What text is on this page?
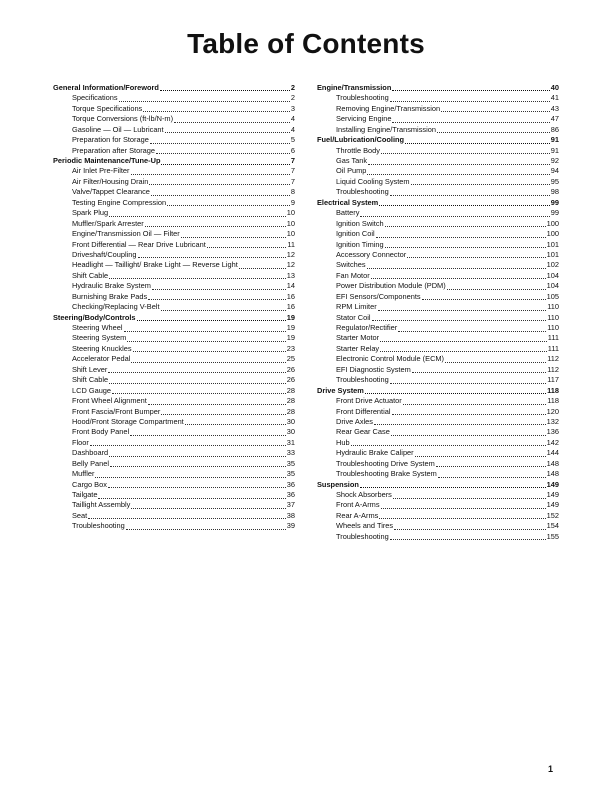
Table of Contents
General Information/Foreword	2
Specifications	2
Torque Specifications	3
Torque Conversions (ft-lb/N-m)	4
Gasoline — Oil — Lubricant	4
Preparation for Storage	5
Preparation after Storage	6
Periodic Maintenance/Tune-Up	7
Air Inlet Pre-Filter	7
Air Filter/Housing Drain	7
Valve/Tappet Clearance	8
Testing Engine Compression	9
Spark Plug	10
Muffler/Spark Arrester	10
Engine/Transmission Oil — Filter	10
Front Differential — Rear Drive Lubricant	11
Driveshaft/Coupling	12
Headlight — Taillight/ Brake Light — Reverse Light	12
Shift Cable	13
Hydraulic Brake System	14
Burnishing Brake Pads	16
Checking/Replacing V-Belt	16
Steering/Body/Controls	19
Steering Wheel	19
Steering System	19
Steering Knuckles	23
Accelerator Pedal	25
Shift Lever	26
Shift Cable	26
LCD Gauge	28
Front Wheel Alignment	28
Front Fascia/Front Bumper	28
Hood/Front Storage Compartment	30
Front Body Panel	30
Floor	31
Dashboard	33
Belly Panel	35
Muffler	35
Cargo Box	36
Tailgate	36
Taillight Assembly	37
Seat	38
Troubleshooting	39
Engine/Transmission	40
Troubleshooting	41
Removing Engine/Transmission	43
Servicing Engine	47
Installing Engine/Transmission	86
Fuel/Lubrication/Cooling	91
Throttle Body	91
Gas Tank	92
Oil Pump	94
Liquid Cooling System	95
Troubleshooting	98
Electrical System	99
Battery	99
Ignition Switch	100
Ignition Coil	100
Ignition Timing	101
Accessory Connector	101
Switches	102
Fan Motor	104
Power Distribution Module (PDM)	104
EFI Sensors/Components	105
RPM Limiter	110
Stator Coil	110
Regulator/Rectifier	110
Starter Motor	111
Starter Relay	111
Electronic Control Module (ECM)	112
EFI Diagnostic System	112
Troubleshooting	117
Drive System	118
Front Drive Actuator	118
Front Differential	120
Drive Axles	132
Rear Gear Case	136
Hub	142
Hydraulic Brake Caliper	144
Troubleshooting Drive System	148
Troubleshooting Brake System	148
Suspension	149
Shock Absorbers	149
Front A-Arms	149
Rear A-Arms	152
Wheels and Tires	154
Troubleshooting	155
1
